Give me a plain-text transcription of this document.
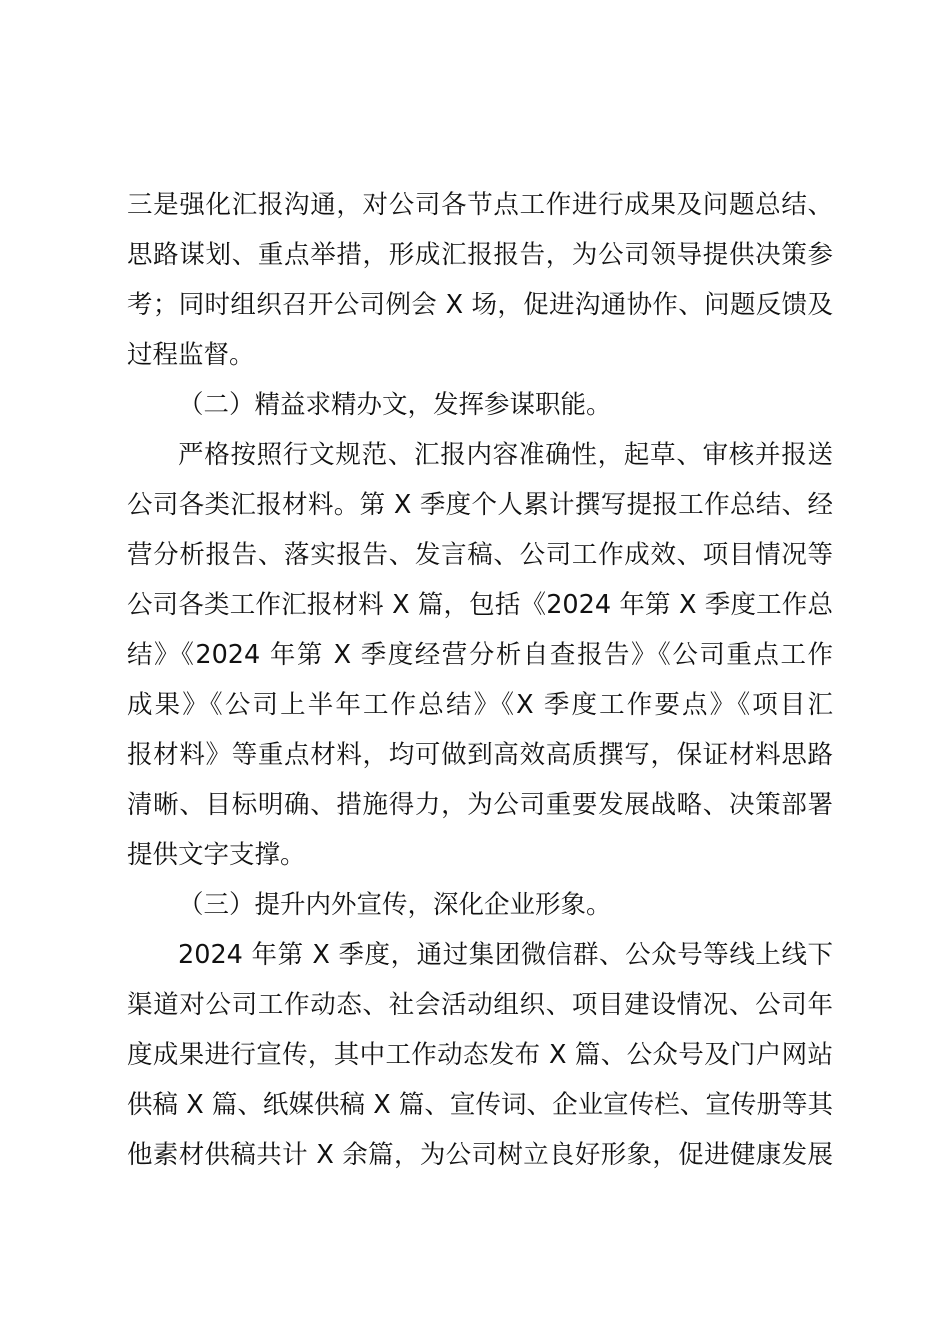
三是强化汇报沟通，对公司各节点工作进行成果及问题总结、
思路谋划、重点举措，形成汇报报告，为公司领导提供决策参
考；同时组织召开公司例会 X 场，促进沟通协作、问题反馈及
过程监督。
（二）精益求精办文，发挥参谋职能。
严格按照行文规范、汇报内容准确性，起草、审核并报送
公司各类汇报材料。第 X 季度个人累计撰写提报工作总结、经
营分析报告、落实报告、发言稿、公司工作成效、项目情况等
公司各类工作汇报材料 X 篇，包括《2024 年第 X 季度工作总
结》《2024 年第 X 季度经营分析自查报告》《公司重点工作
成果》《公司上半年工作总结》《X 季度工作要点》《项目汇
报材料》等重点材料，均可做到高效高质撰写，保证材料思路
清晰、目标明确、措施得力，为公司重要发展战略、决策部署
提供文字支撑。
（三）提升内外宣传，深化企业形象。
2024 年第 X 季度，通过集团微信群、公众号等线上线下
渠道对公司工作动态、社会活动组织、项目建设情况、公司年
度成果进行宣传，其中工作动态发布 X 篇、公众号及门户网站
供稿 X 篇、纸媒供稿 X 篇、宣传词、企业宣传栏、宣传册等其
他素材供稿共计 X 余篇，为公司树立良好形象，促进健康发展
